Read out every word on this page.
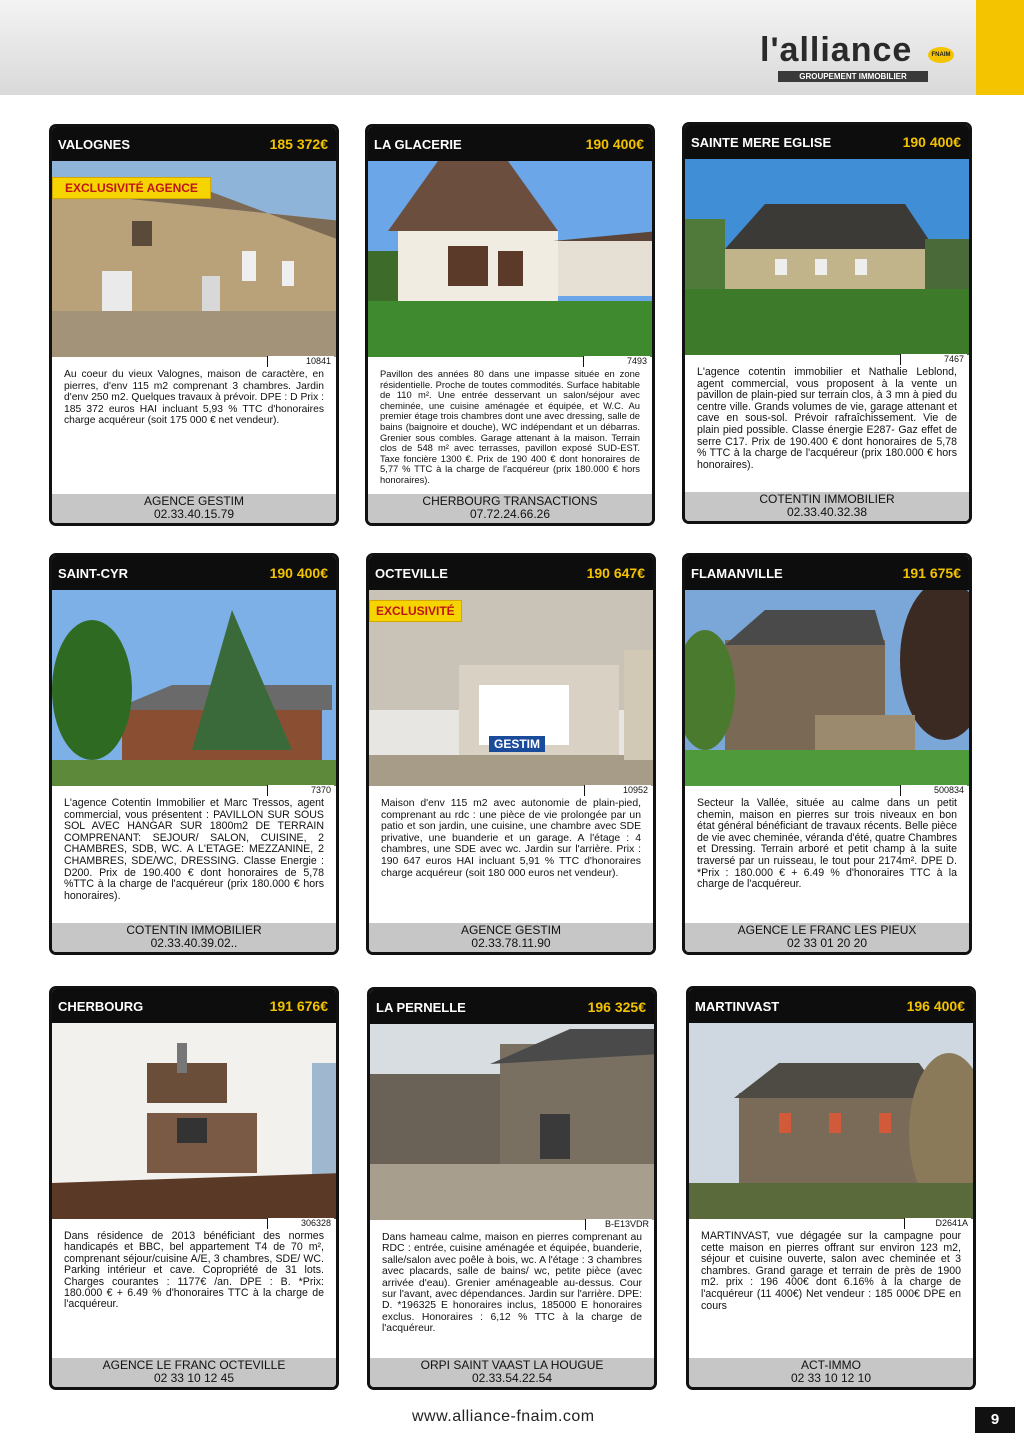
l'alliance
GROUPEMENT IMMOBILIER
FNAIM
VALOGNES	185 372€
EXCLUSIVITÉ AGENCE
10841
Au coeur du vieux Valognes, maison de caractère, en pierres, d'env 115 m2 comprenant 3 chambres. Jardin d'env 250 m2. Quelques travaux à prévoir. DPE : D Prix : 185 372 euros HAI incluant 5,93 % TTC d'honoraires charge acquéreur (soit 175 000 € net vendeur).
AGENCE GESTIM
02.33.40.15.79
LA GLACERIE	190 400€
7493
Pavillon des années 80 dans une impasse située en zone résidentielle. Proche de toutes commodités. Surface habitable de 110 m². Une entrée desservant un salon/séjour avec cheminée, une cuisine aménagée et équipée, et W.C. Au premier étage trois chambres dont une avec dressing, salle de bains (baignoire et douche), WC indépendant et un débarras. Grenier sous combles. Garage attenant à la maison. Terrain clos de 548 m² avec terrasses, pavillon exposé SUD-EST. Taxe foncière 1300 €. Prix de 190 400 € dont honoraires de 5,77 % TTC à la charge de l'acquéreur (prix 180.000 € hors honoraires).
CHERBOURG TRANSACTIONS
07.72.24.66.26
SAINTE MERE EGLISE	190 400€
7467
L'agence cotentin immobilier et Nathalie Leblond, agent commercial, vous proposent à la vente un pavillon de plain-pied sur terrain clos, à 3 mn à pied du centre ville. Grands volumes de vie, garage attenant et cave en sous-sol. Prévoir rafraîchissement. Vie de plain pied possible. Classe énergie E287- Gaz effet de serre C17. Prix de 190.400 € dont honoraires de 5,78 % TTC à la charge de l'acquéreur (prix 180.000 € hors honoraires).
COTENTIN IMMOBILIER
02.33.40.32.38
SAINT-CYR	190 400€
7370
L'agence Cotentin Immobilier et Marc Tressos, agent commercial, vous présentent : PAVILLON SUR SOUS SOL AVEC HANGAR SUR 1800m2 DE TERRAIN COMPRENANT: SEJOUR/ SALON, CUISINE, 2 CHAMBRES, SDB, WC. A L'ETAGE: MEZZANINE, 2 CHAMBRES, SDE/WC, DRESSING. Classe Energie : D200. Prix de 190.400 € dont honoraires de 5,78 %TTC à la charge de l'acquéreur (prix 180.000 € hors honoraires).
COTENTIN IMMOBILIER
02.33.40.39.02..
OCTEVILLE	190 647€
EXCLUSIVITÉ
GESTIM
10952
Maison d'env 115 m2 avec autonomie de plain-pied, comprenant au rdc : une pièce de vie prolongée par un patio et son jardin, une cuisine, une chambre avec SDE privative, une buanderie et un garage. A l'étage : 4 chambres, une SDE avec wc. Jardin sur l'arrière. Prix : 190 647 euros HAI incluant 5,91 % TTC d'honoraires charge acquéreur (soit 180 000 euros net vendeur).
AGENCE GESTIM
02.33.78.11.90
FLAMANVILLE	191 675€
500834
Secteur la Vallée, située au calme dans un petit chemin, maison en pierres sur trois niveaux en bon état général bénéficiant de travaux récents. Belle pièce de vie avec cheminée, véranda d'été, quatre Chambres et Dressing. Terrain arboré et petit champ à la suite traversé par un ruisseau, le tout pour 2174m². DPE D. *Prix : 180.000 € + 6.49 % d'honoraires TTC à la charge de l'acquéreur.
AGENCE LE FRANC LES PIEUX
02 33 01 20 20
CHERBOURG	191 676€
306328
Dans résidence de 2013 bénéficiant des normes handicapés et BBC, bel appartement T4 de 70 m², comprenant séjour/cuisine A/E, 3 chambres, SDE/ WC. Parking intérieur et cave. Copropriété de 31 lots. Charges courantes : 1177€ /an. DPE : B. *Prix: 180.000 € + 6.49 % d'honoraires TTC à la charge de l'acquéreur.
AGENCE LE FRANC OCTEVILLE
02 33 10 12 45
LA PERNELLE	196 325€
B-E13VDR
Dans hameau calme, maison en pierres comprenant au RDC : entrée, cuisine aménagée et équipée, buanderie, salle/salon avec poêle à bois, wc. A l'étage : 3 chambres avec placards, salle de bains/ wc, petite pièce (avec arrivée d'eau). Grenier aménageable au-dessus. Cour sur l'avant, avec dépendances. Jardin sur l'arrière. DPE: D. *196325 E honoraires inclus, 185000 E honoraires exclus. Honoraires : 6,12 % TTC à la charge de l'acquéreur.
ORPI SAINT VAAST LA HOUGUE
02.33.54.22.54
MARTINVAST	196 400€
D2641A
MARTINVAST, vue dégagée sur la campagne pour cette maison en pierres offrant sur environ 123 m2, séjour et cuisine ouverte, salon avec cheminée et 3 chambres. Grand garage et terrain de près de 1900 m2. prix : 196 400€ dont 6.16% à la charge de l'acquéreur (11 400€) Net vendeur : 185 000€ DPE en cours
ACT-IMMO
02 33 10 12 10
www.alliance-fnaim.com	9
